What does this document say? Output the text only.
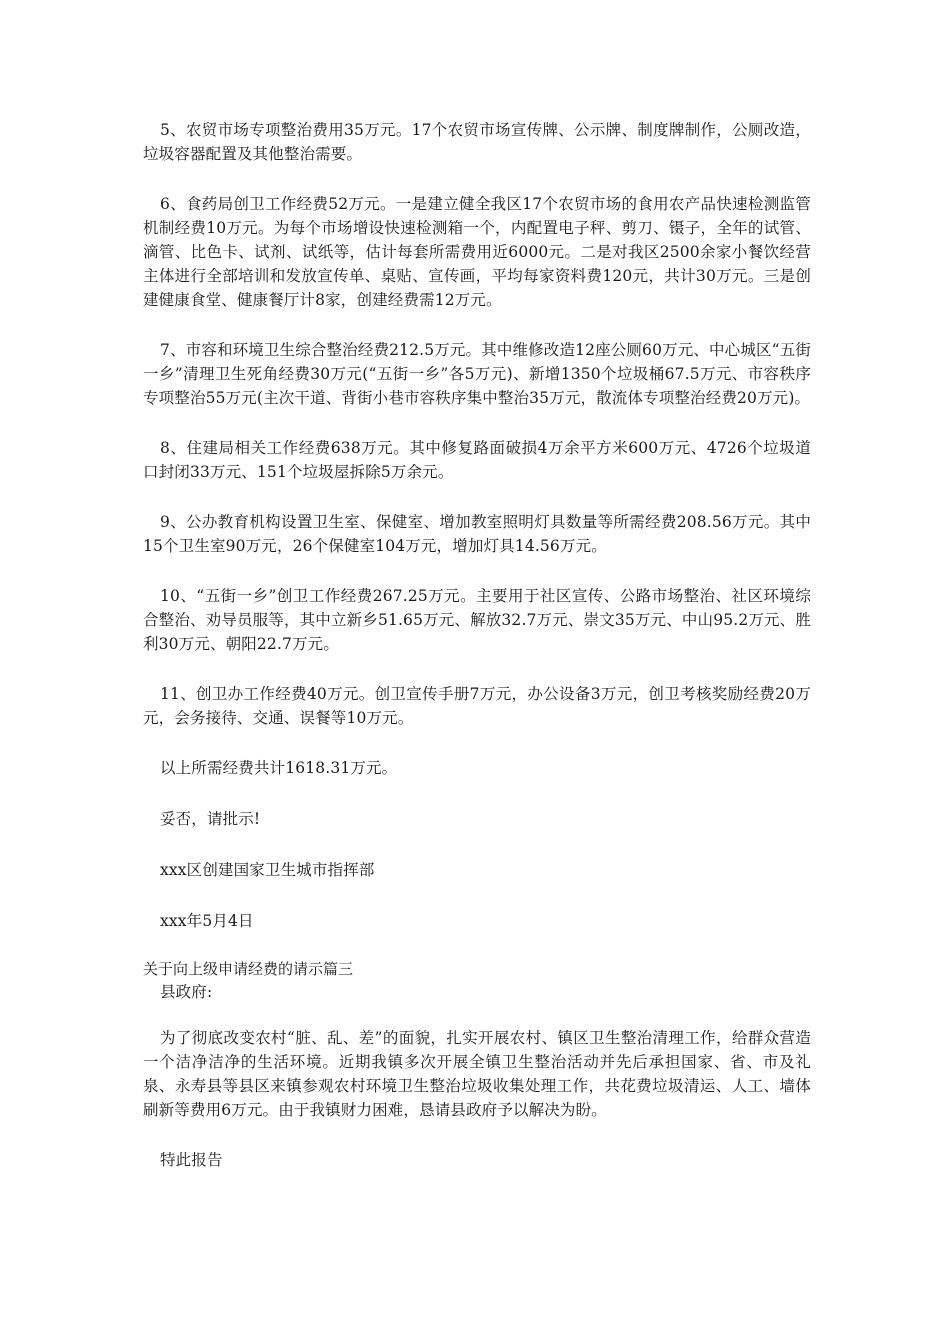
5、农贸市场专项整治费用35万元。17个农贸市场宣传牌、公示牌、制度牌制作，公厕改造，垃圾容器配置及其他整治需要。

6、食药局创卫工作经费52万元。一是建立健全我区17个农贸市场的食用农产品快速检测监管机制经费10万元。为每个市场增设快速检测箱一个，内配置电子秤、剪刀、镊子，全年的试管、滴管、比色卡、试剂、试纸等，估计每套所需费用近6000元。二是对我区2500余家小餐饮经营主体进行全部培训和发放宣传单、桌贴、宣传画，平均每家资料费120元，共计30万元。三是创建健康食堂、健康餐厅计8家，创建经费需12万元。

7、市容和环境卫生综合整治经费212.5万元。其中维修改造12座公厕60万元、中心城区“五街一乡”清理卫生死角经费30万元(“五街一乡”各5万元)、新增1350个垃圾桶67.5万元、市容秩序专项整治55万元(主次干道、背街小巷市容秩序集中整治35万元，散流体专项整治经费20万元)。

8、住建局相关工作经费638万元。其中修复路面破损4万余平方米600万元、4726个垃圾道口封闭33万元、151个垃圾屋拆除5万余元。

9、公办教育机构设置卫生室、保健室、增加教室照明灯具数量等所需经费208.56万元。其中15个卫生室90万元，26个保健室104万元，增加灯具14.56万元。

10、“五街一乡”创卫工作经费267.25万元。主要用于社区宣传、公路市场整治、社区环境综合整治、劝导员服等，其中立新乡51.65万元、解放32.7万元、崇文35万元、中山95.2万元、胜利30万元、朝阳22.7万元。

11、创卫办工作经费40万元。创卫宣传手册7万元，办公设备3万元，创卫考核奖励经费20万元，会务接待、交通、误餐等10万元。

以上所需经费共计1618.31万元。

妥否，请批示!

xxx区创建国家卫生城市指挥部

xxx年5月4日

关于向上级申请经费的请示篇三

县政府:

为了彻底改变农村“脏、乱、差”的面貌，扎实开展农村、镇区卫生整治清理工作，给群众营造一个洁净洁净的生活环境。近期我镇多次开展全镇卫生整治活动并先后承担国家、省、市及礼泉、永寿县等县区来镇参观农村环境卫生整治垃圾收集处理工作，共花费垃圾清运、人工、墙体刷新等费用6万元。由于我镇财力困难，恳请县政府予以解决为盼。

特此报告
